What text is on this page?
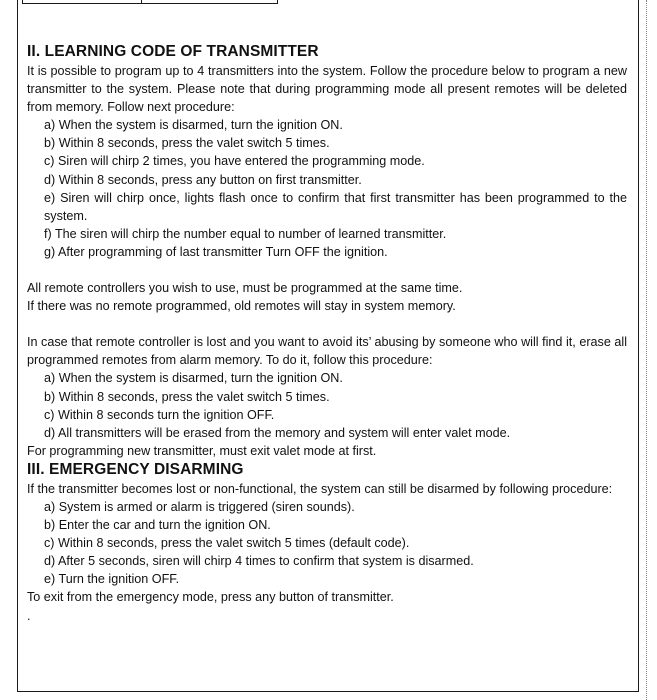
II. LEARNING CODE OF TRANSMITTER

It is possible to program up to 4 transmitters into the system. Follow the procedure below to program a new transmitter to the system. Please note that during programming mode all present remotes will be deleted from memory. Follow next procedure:

a) When the system is disarmed, turn the ignition ON.

b) Within 8 seconds, press the valet switch 5 times.

c) Siren will chirp 2 times, you have entered the programming mode.

d) Within 8 seconds, press any button on first transmitter.

e) Siren will chirp once, lights flash once to confirm that first transmitter has been programmed to the system.

f) The siren will chirp the number equal to number of learned transmitter.

g) After programming of last transmitter Turn OFF the ignition.

All remote controllers you wish to use, must be programmed at the same time.

If there was no remote programmed, old remotes will stay in system memory.

In case that remote controller is lost and you want to avoid its’ abusing by someone who will find it, erase all programmed remotes from alarm memory. To do it, follow this procedure:

a) When the system is disarmed, turn the ignition ON.

b) Within 8 seconds, press the valet switch 5 times.

c) Within 8 seconds turn the ignition OFF.

d) All transmitters will be erased from the memory and system will enter valet mode.

For programming new transmitter, must exit valet mode at first.

III. EMERGENCY DISARMING

If the transmitter becomes lost or non-functional, the system can still be disarmed by following procedure:

a) System is armed or alarm is triggered (siren sounds).

b) Enter the car and turn the ignition ON.

c) Within 8 seconds, press the valet switch 5 times (default code).

d) After 5 seconds, siren will chirp 4 times to confirm that system is disarmed.

e) Turn the ignition OFF.

To exit from the emergency mode, press any button of transmitter.

.
